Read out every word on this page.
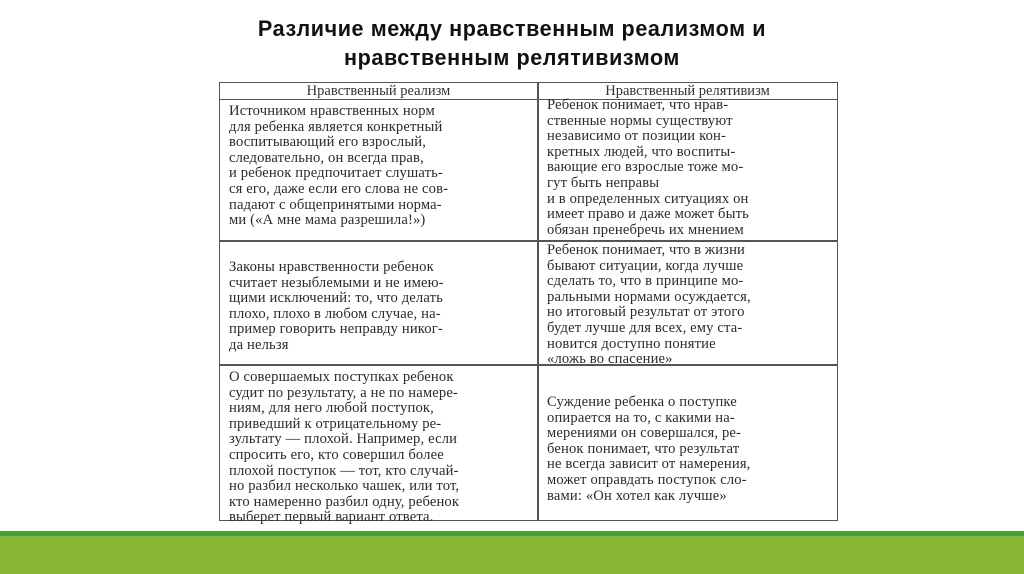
Различие между нравственным реализмом и
нравственным релятивизмом
Нравственный реализм	Нравственный релятивизм
Источником нравственных норм
для ребенка является конкретный
воспитывающий его взрослый,
следовательно, он всегда прав,
и ребенок предпочитает слушать-
ся его, даже если его слова не сов-
падают с общепринятыми норма-
ми («А мне мама разрешила!»)
Ребенок понимает, что нрав-
ственные нормы существуют
независимо от позиции кон-
кретных людей, что воспиты-
вающие его взрослые тоже мо-
гут быть неправы
и в определенных ситуациях он
имеет право и даже может быть
обязан пренебречь их мнением
Законы нравственности ребенок
считает незыблемыми и не имею-
щими исключений: то, что делать
плохо, плохо в любом случае, на-
пример говорить неправду никог-
да нельзя
Ребенок понимает, что в жизни
бывают ситуации, когда лучше
сделать то, что в принципе мо-
ральными нормами осуждается,
но итоговый результат от этого
будет лучше для всех, ему ста-
новится доступно понятие
«ложь во спасение»
О совершаемых поступках ребенок
судит по результату, а не по намере-
ниям, для него любой поступок,
приведший к отрицательному ре-
зультату — плохой. Например, если
спросить его, кто совершил более
плохой поступок — тот, кто случай-
но разбил несколько чашек, или тот,
кто намеренно разбил одну, ребенок
выберет первый вариант ответа.
Суждение ребенка о поступке
опирается на то, с какими на-
мерениями он совершался, ре-
бенок понимает, что результат
не всегда зависит от намерения,
может оправдать поступок сло-
вами: «Он хотел как лучше»
